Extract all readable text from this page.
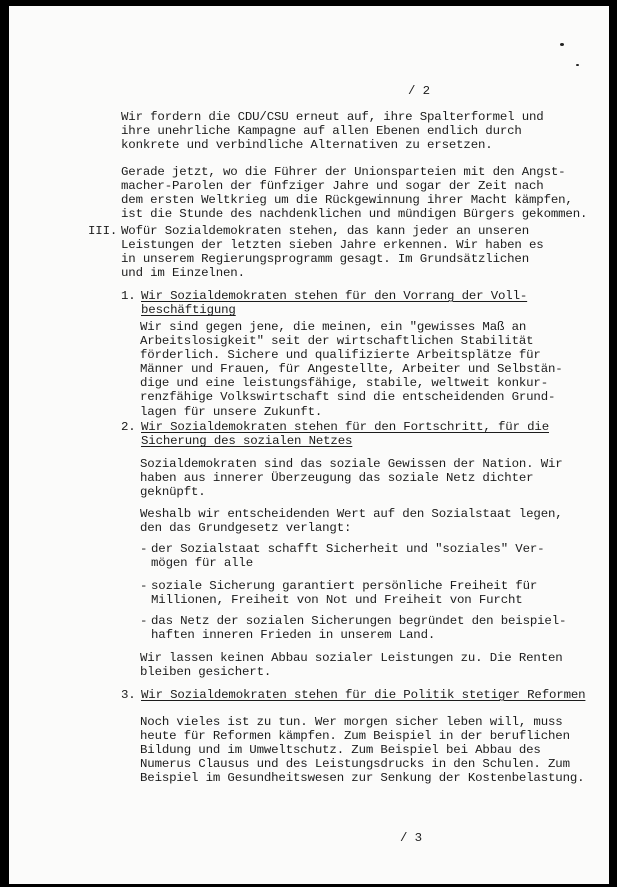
/ 2
Wir fordern die CDU/CSU erneut auf, ihre Spalterformel und
ihre unehrliche Kampagne auf allen Ebenen endlich durch
konkrete und verbindliche Alternativen zu ersetzen.
Gerade jetzt, wo die Führer der Unionsparteien mit den Angst-
macher-Parolen der fünfziger Jahre und sogar der Zeit nach
dem ersten Weltkrieg um die Rückgewinnung ihrer Macht kämpfen,
ist die Stunde des nachdenklichen und mündigen Bürgers gekommen.
III. Wofür Sozialdemokraten stehen, das kann jeder an unseren
Leistungen der letzten sieben Jahre erkennen. Wir haben es
in unserem Regierungsprogramm gesagt. Im Grundsätzlichen
und im Einzelnen.
1. Wir Sozialdemokraten stehen für den Vorrang der Voll-
beschäftigung
Wir sind gegen jene, die meinen, ein "gewisses Maß an
Arbeitslosigkeit" seit der wirtschaftlichen Stabilität
förderlich. Sichere und qualifizierte Arbeitsplätze für
Männer und Frauen, für Angestellte, Arbeiter und Selbstän-
dige und eine leistungsfähige, stabile, weltweit konkur-
renzfähige Volkswirtschaft sind die entscheidenden Grund-
lagen für unsere Zukunft.
2. Wir Sozialdemokraten stehen für den Fortschritt, für die
Sicherung des sozialen Netzes
Sozialdemokraten sind das soziale Gewissen der Nation. Wir
haben aus innerer Überzeugung das soziale Netz dichter
geknüpft.
Weshalb wir entscheidenden Wert auf den Sozialstaat legen,
den das Grundgesetz verlangt:
- der Sozialstaat schafft Sicherheit und "soziales" Ver-
mögen für alle
- soziale Sicherung garantiert persönliche Freiheit für
Millionen, Freiheit von Not und Freiheit von Furcht
- das Netz der sozialen Sicherungen begründet den beispiel-
haften inneren Frieden in unserem Land.
Wir lassen keinen Abbau sozialer Leistungen zu. Die Renten
bleiben gesichert.
3. Wir Sozialdemokraten stehen für die Politik stetiger Reformen
Noch vieles ist zu tun. Wer morgen sicher leben will, muss
heute für Reformen kämpfen. Zum Beispiel in der beruflichen
Bildung und im Umweltschutz. Zum Beispiel bei Abbau des
Numerus Clausus und des Leistungsdrucks in den Schulen. Zum
Beispiel im Gesundheitswesen zur Senkung der Kostenbelastung.
/ 3
